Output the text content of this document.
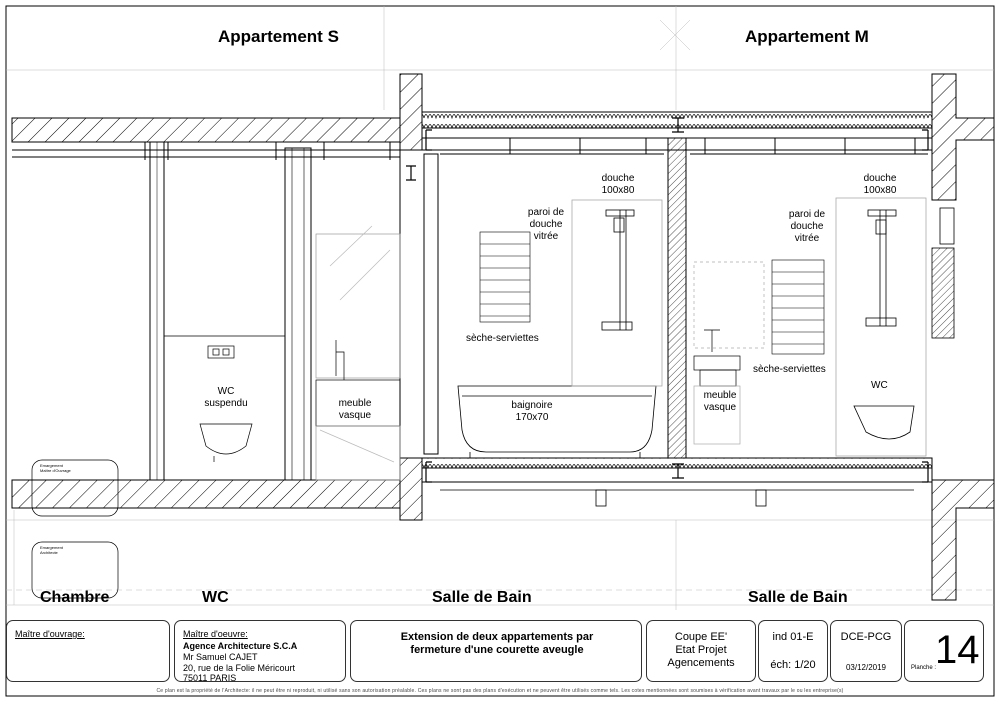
Appartement S	Appartement M
Chambre	WC	Salle de Bain	Salle de Bain
WC
suspendu	meuble
vasque
baignoire
170x70
sèche-serviettes
paroi de
douche
vitrée
douche
100x80
meuble
vasque
sèche-serviettes
paroi de
douche
vitrée
douche
100x80
WC
Emargement
Maître d'Ouvrage
Emargement
Architecte
Maître d'ouvrage:	Maître d'oeuvre:
Agence Architecture S.C.A
Mr Samuel CAJET
20, rue de la Folie Méricourt
75011 PARIS
Extension de deux appartements par fermeture d'une courette aveugle
Coupe EE'
Etat Projet
Agencements
ind 01-E
éch: 1/20
DCE-PCG
03/12/2019	Planche :
14
Ce plan est la propriété de l'Architecte: il ne peut être ni reproduit, ni utilisé sans son autorisation préalable. Ces plans ne sont pas des plans d'exécution et ne peuvent être utilisés comme tels. Les cotes mentionnées sont soumises à vérification avant travaux par le ou les entreprise(s)
